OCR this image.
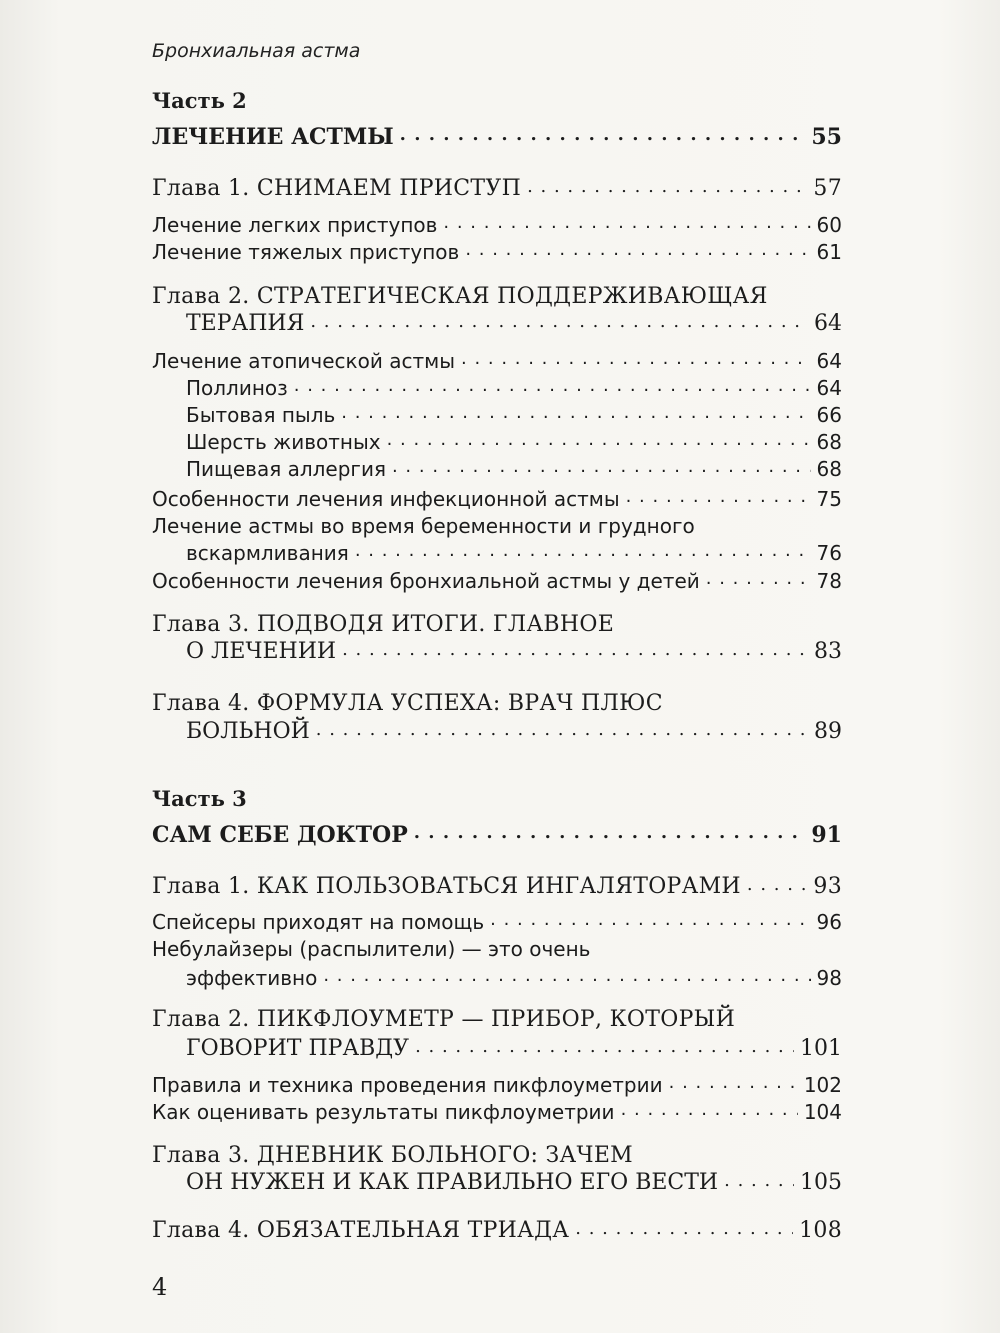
Бронхиальная астма
Часть 2
ЛЕЧЕНИЕ АСТМЫ . . .	55
Глава 1. СНИМАЕМ ПРИСТУП . . .	57
Лечение легких приступов . . .	60
Лечение тяжелых приступов . . .	61
Глава 2. СТРАТЕГИЧЕСКАЯ ПОДДЕРЖИВАЮЩАЯ
ТЕРАПИЯ . . .	64
Лечение атопической астмы . . .	64
Поллиноз . . .	64
Бытовая пыль . . .	66
Шерсть животных . . .	68
Пищевая аллергия . . .	68
Особенности лечения инфекционной астмы . . .	75
Лечение астмы во время беременности и грудного
вскармливания . . .	76
Особенности лечения бронхиальной астмы у детей . . .	78
Глава 3. ПОДВОДЯ ИТОГИ. ГЛАВНОЕ
О ЛЕЧЕНИИ . . .	83
Глава 4. ФОРМУЛА УСПЕХА: ВРАЧ ПЛЮС
БОЛЬНОЙ . . .	89
Часть 3
САМ СЕБЕ ДОКТОР . . .	91
Глава 1. КАК ПОЛЬЗОВАТЬСЯ ИНГАЛЯТОРАМИ . . .	93
Спейсеры приходят на помощь . . .	96
Небулайзеры (распылители) — это очень
эффективно . . .	98
Глава 2. ПИКФЛОУМЕТР — ПРИБОР, КОТОРЫЙ
ГОВОРИТ ПРАВДУ . . .	101
Правила и техника проведения пикфлоуметрии . . .	102
Как оценивать результаты пикфлоуметрии . . .	104
Глава 3. ДНЕВНИК БОЛЬНОГО: ЗАЧЕМ
ОН НУЖЕН И КАК ПРАВИЛЬНО ЕГО ВЕСТИ . . .	105
Глава 4. ОБЯЗАТЕЛЬНАЯ ТРИАДА . . .	108
4
